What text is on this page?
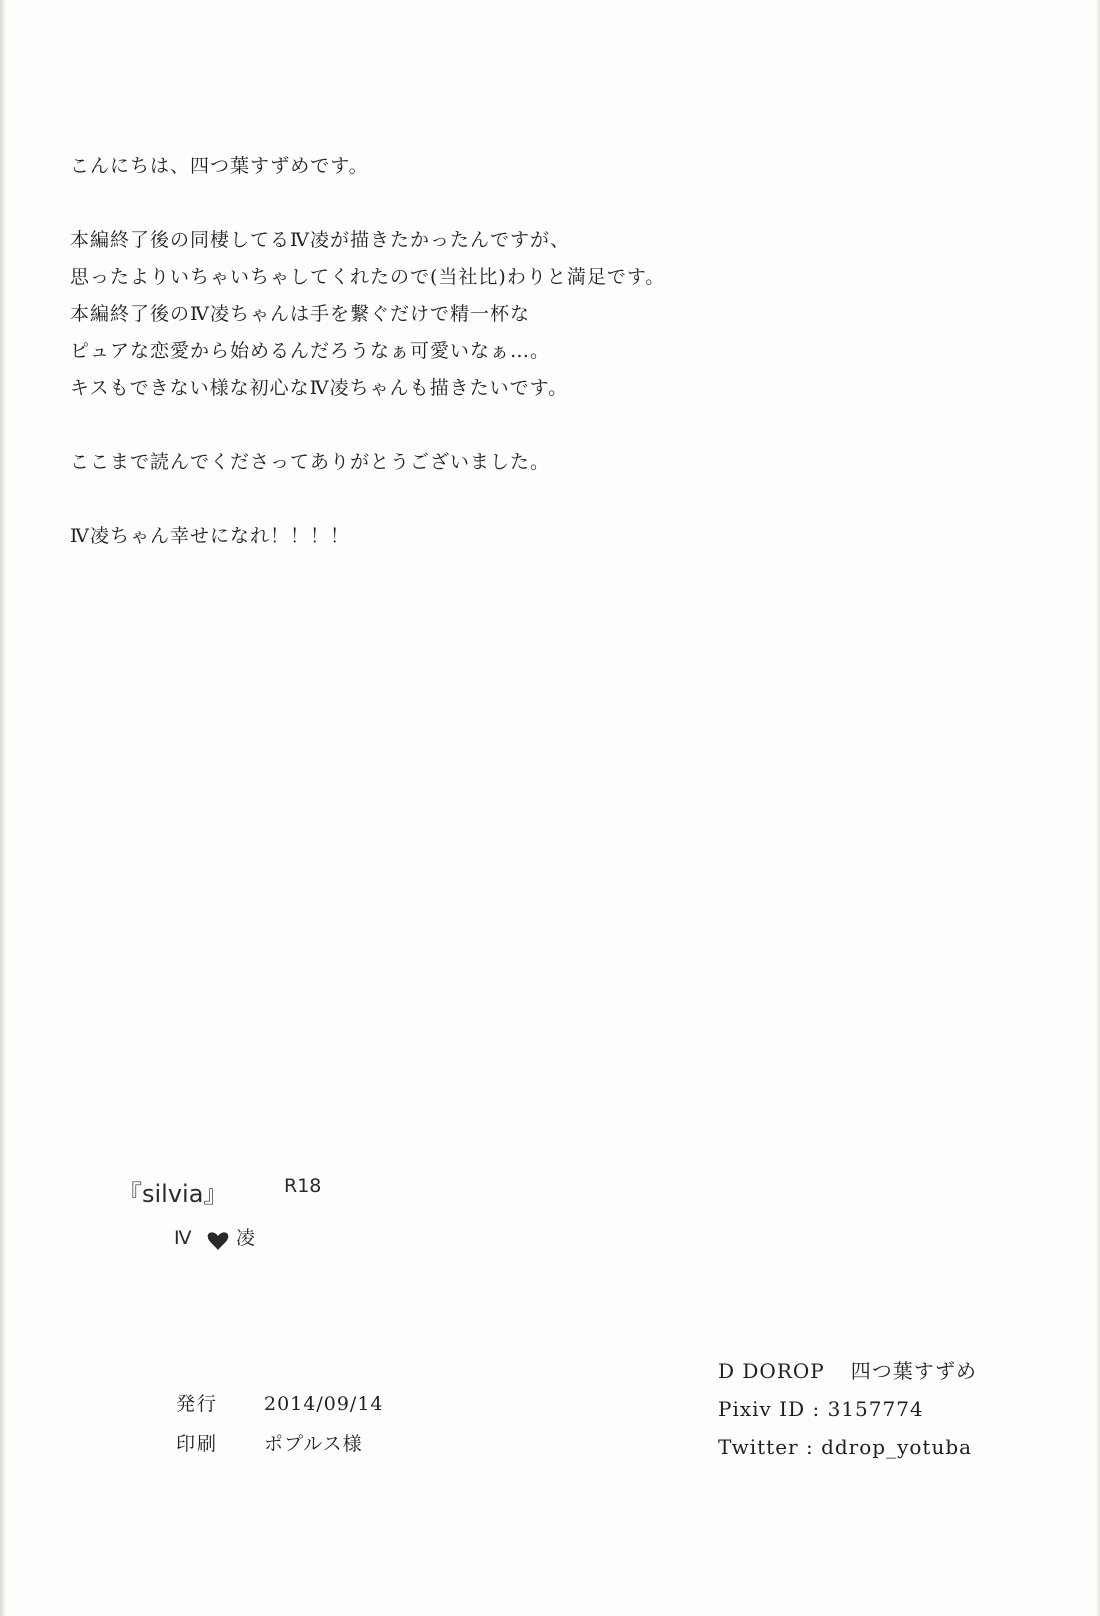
こんにちは、四つ葉すずめです。
本編終了後の同棲してるⅣ凌が描きたかったんですが、
思ったよりいちゃいちゃしてくれたので(当社比)わりと満足です。
本編終了後のⅣ凌ちゃんは手を繋ぐだけで精一杯な
ピュアな恋愛から始めるんだろうなぁ可愛いなぁ…。
キスもできない様な初心なⅣ凌ちゃんも描きたいです。
ここまで読んでくださってありがとうございました。
Ⅳ凌ちゃん幸せになれ！！！！
『silvia』	R18
Ⅳ 凌
発行	2014/09/14
印刷	ポプルス様
D DOROP 四つ葉すずめ
Pixiv ID : 3157774
Twitter : ddrop_yotuba
